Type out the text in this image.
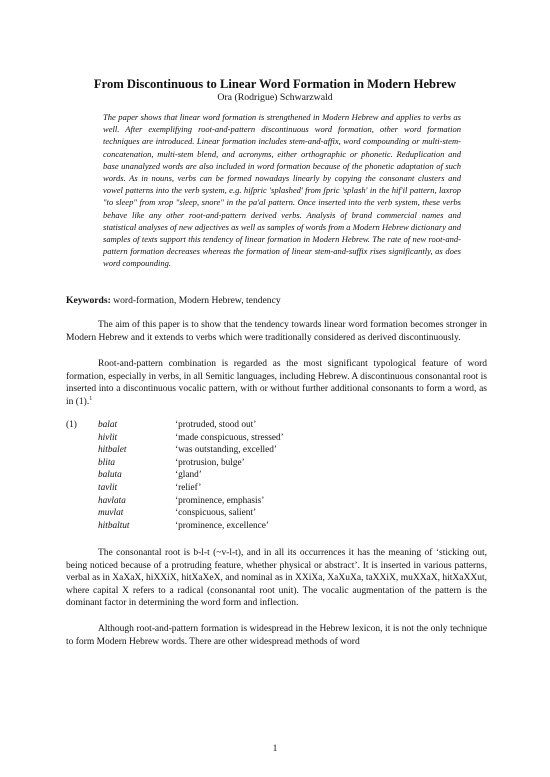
From Discontinuous to Linear Word Formation in Modern Hebrew
Ora (Rodrigue) Schwarzwald

The paper shows that linear word formation is strengthened in Modern Hebrew and applies to verbs as well. After exemplifying root-and-pattern discontinuous word formation, other word formation techniques are introduced. Linear formation includes stem-and-affix, word compounding or multi-stem-concatenation, multi-stem blend, and acronyms, either orthographic or phonetic. Reduplication and base unanalyzed words are also included in word formation because of the phonetic adaptation of such words. As in nouns, verbs can be formed nowadays linearly by copying the consonant clusters and vowel patterns into the verb system, e.g. hiʃpric 'splashed' from ʃpric 'splash' in the hif'il pattern, laxrop "to sleep" from xrop "sleep, snore" in the pa'al pattern. Once inserted into the verb system, these verbs behave like any other root-and-pattern derived verbs. Analysis of brand commercial names and statistical analyses of new adjectives as well as samples of words from a Modern Hebrew dictionary and samples of texts support this tendency of linear formation in Modern Hebrew. The rate of new root-and-pattern formation decreases whereas the formation of linear stem-and-suffix rises significantly, as does word compounding.

Keywords: word-formation, Modern Hebrew, tendency

The aim of this paper is to show that the tendency towards linear word formation becomes stronger in Modern Hebrew and it extends to verbs which were traditionally considered as derived discontinuously.

Root-and-pattern combination is regarded as the most significant typological feature of word formation, especially in verbs, in all Semitic languages, including Hebrew. A discontinuous consonantal root is inserted into a discontinuous vocalic pattern, with or without further additional consonants to form a word, as in (1).$^1$

(1) balat	‘protruded, stood out’
hivlit	‘made conspicuous, stressed’
hitbalet	‘was outstanding, excelled’
blita	‘protrusion, bulge’
baluta	‘gland’
tavlit	‘relief’
havlata	‘prominence, emphasis’
muvlat	‘conspicuous, salient’
hitbaltut	‘prominence, excellence’

The consonantal root is b-l-t (~v-l-t), and in all its occurrences it has the meaning of ‘sticking out, being noticed because of a protruding feature, whether physical or abstract’. It is inserted in various patterns, verbal as in XaXaX, hiXXiX, hitXaXeX, and nominal as in XXiXa, XaXuXa, taXXiX, muXXaX, hitXaXXut, where capital X refers to a radical (consonantal root unit). The vocalic augmentation of the pattern is the dominant factor in determining the word form and inflection.

Although root-and-pattern formation is widespread in the Hebrew lexicon, it is not the only technique to form Modern Hebrew words. There are other widespread methods of word

1
